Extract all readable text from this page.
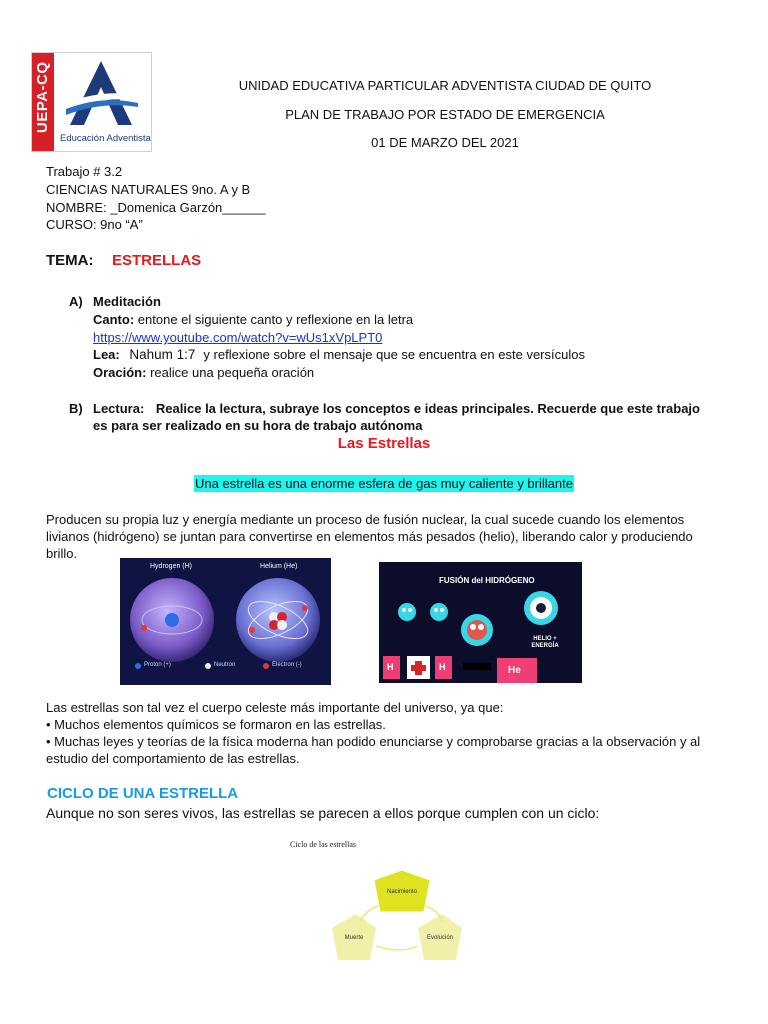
UEPA-CQ
Educación Adventista
UNIDAD EDUCATIVA PARTICULAR ADVENTISTA CIUDAD DE QUITO
PLAN DE TRABAJO POR ESTADO DE EMERGENCIA
01 DE MARZO DEL 2021
Trabajo # 3.2
CIENCIAS NATURALES 9no. A y B
NOMBRE: _Domenica Garzón______
CURSO: 9no “A”
TEMA: ESTRELLAS
A) Meditación
Canto: entone el siguiente canto y reflexione en la letra
https://www.youtube.com/watch?v=wUs1xVpLPT0
Lea: Nahum 1:7 y reflexione sobre el mensaje que se encuentra en este versículos
Oración: realice una pequeña oración
B) Lectura: Realice la lectura, subraye los conceptos e ideas principales. Recuerde que este trabajo
es para ser realizado en su hora de trabajo autónoma
Las Estrellas
Una estrella es una enorme esfera de gas muy caliente y brillante
Producen su propia luz y energía mediante un proceso de fusión nuclear, la cual sucede cuando los elementos
livianos (hidrógeno) se juntan para convertirse en elementos más pesados (helio), liberando calor y produciendo
brillo.
Hydrogen (H)	Helium (He)
Proton (+)	Neutron	Electron (-)
FUSIÓN del HIDRÓGENO
H	H	He
HELIO + ENERGÍA
Las estrellas son tal vez el cuerpo celeste más importante del universo, ya que:
• Muchos elementos químicos se formaron en las estrellas.
• Muchas leyes y teorías de la física moderna han podido enunciarse y comprobarse gracias a la observación y al
estudio del comportamiento de las estrellas.
CICLO DE UNA ESTRELLA
Aunque no son seres vivos, las estrellas se parecen a ellos porque cumplen con un ciclo:
Ciclo de las estrellas
Nacimiento
Muerte	Evolución
